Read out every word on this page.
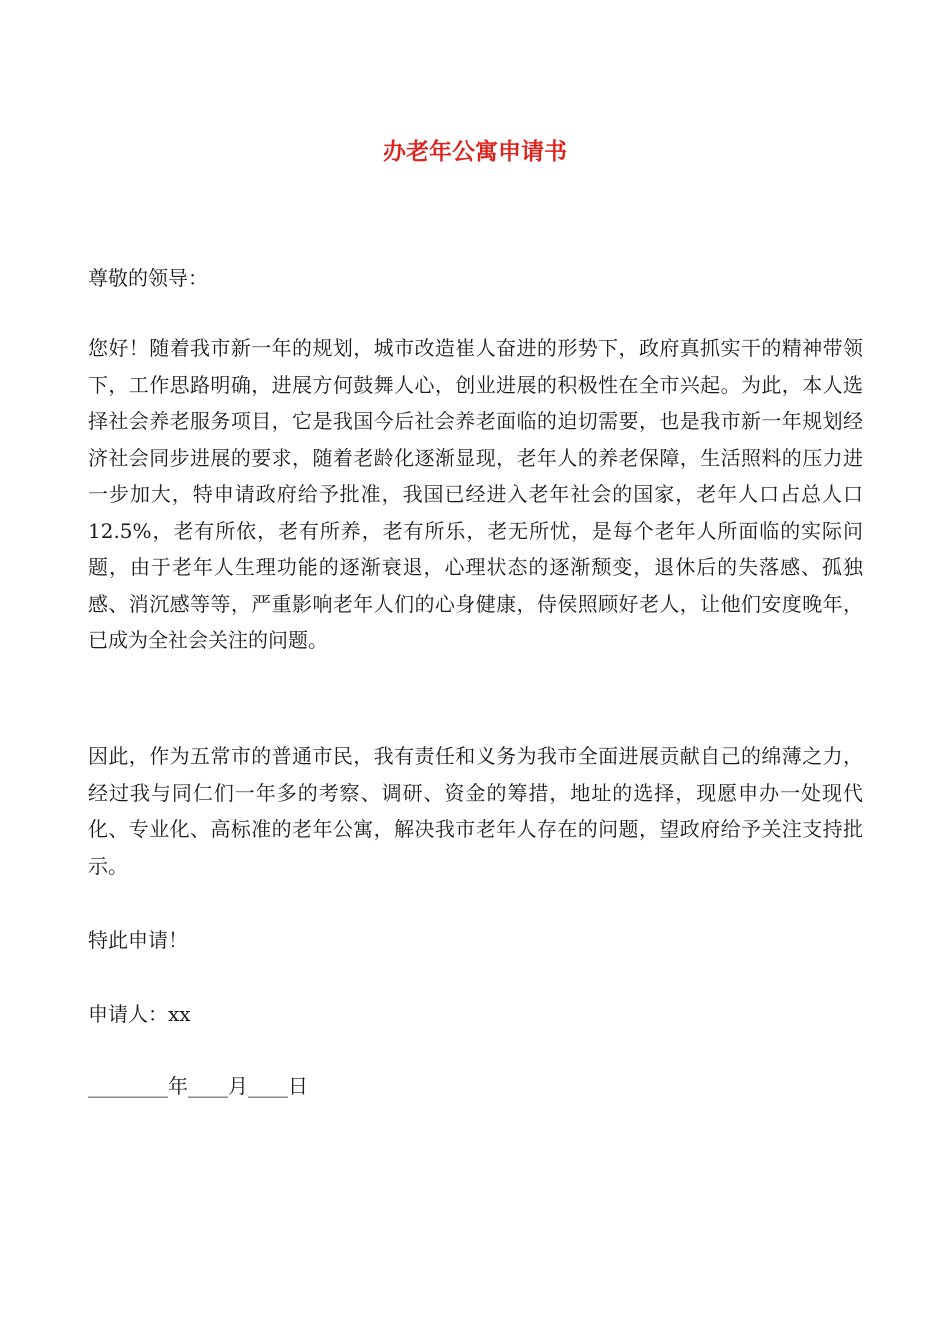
办老年公寓申请书

尊敬的领导：

您好！随着我市新一年的规划，城市改造崔人奋进的形势下，政府真抓实干的精神带领下，工作思路明确，进展方何鼓舞人心，创业进展的积极性在全市兴起。为此，本人选择社会养老服务项目，它是我国今后社会养老面临的迫切需要，也是我市新一年规划经济社会同步进展的要求，随着老龄化逐渐显现，老年人的养老保障，生活照料的压力进一步加大，特申请政府给予批准，我国已经进入老年社会的国家，老年人口占总人口12.5%，老有所依，老有所养，老有所乐，老无所忧，是每个老年人所面临的实际问题，由于老年人生理功能的逐渐衰退，心理状态的逐渐颓变，退休后的失落感、孤独感、消沉感等等，严重影响老年人们的心身健康，侍侯照顾好老人，让他们安度晚年，已成为全社会关注的问题。

因此，作为五常市的普通市民，我有责任和义务为我市全面进展贡献自己的绵薄之力，经过我与同仁们一年多的考察、调研、资金的筹措，地址的选择，现愿申办一处现代化、专业化、高标准的老年公寓，解决我市老年人存在的问题，望政府给予关注支持批示。

特此申请！

申请人：xx

________年____月____日
